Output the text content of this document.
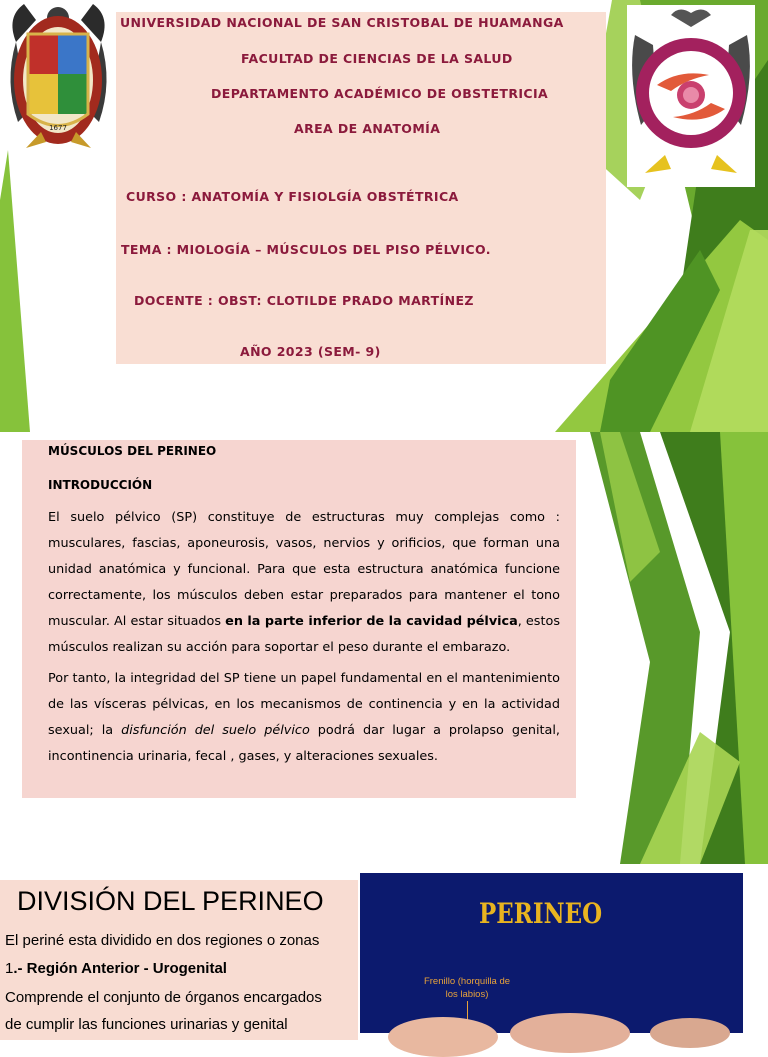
1677

UNIVERSIDAD NACIONAL DE SAN CRISTOBAL DE HUAMANGA

FACULTAD DE CIENCIAS DE LA SALUD

DEPARTAMENTO ACADÉMICO DE OBSTETRICIA

AREA DE ANATOMÍA

CURSO : ANATOMÍA Y FISIOLGÍA OBSTÉTRICA

TEMA : MIOLOGÍA – MÚSCULOS DEL PISO PÉLVICO.

DOCENTE : OBST: CLOTILDE PRADO MARTÍNEZ

AÑO 2023 (SEM- 9)

UNSCH

MÚSCULOS DEL PERINEO

INTRODUCCIÓN

El suelo pélvico (SP) constituye de estructuras muy complejas como : musculares, fascias, aponeurosis, vasos, nervios y orificios, que forman una unidad anatómica y funcional. Para que esta estructura anatómica funcione correctamente, los músculos deben estar preparados para mantener el tono muscular. Al estar situados en la parte inferior de la cavidad pélvica, estos músculos realizan su acción para soportar el peso durante el embarazo.

Por tanto, la integridad del SP tiene un papel fundamental en el mantenimiento de las vísceras pélvicas, en los mecanismos de continencia y en la actividad sexual; la disfunción del suelo pélvico podrá dar lugar a prolapso genital, incontinencia urinaria, fecal , gases, y alteraciones sexuales.

DIVISIÓN DEL PERINEO

El periné esta dividido en dos regiones o zonas

1.- Región Anterior - Urogenital

Comprende el conjunto de órganos encargados

de cumplir las funciones urinarias y genital

PERINEO

Frenillo (horquilla de los labios)
